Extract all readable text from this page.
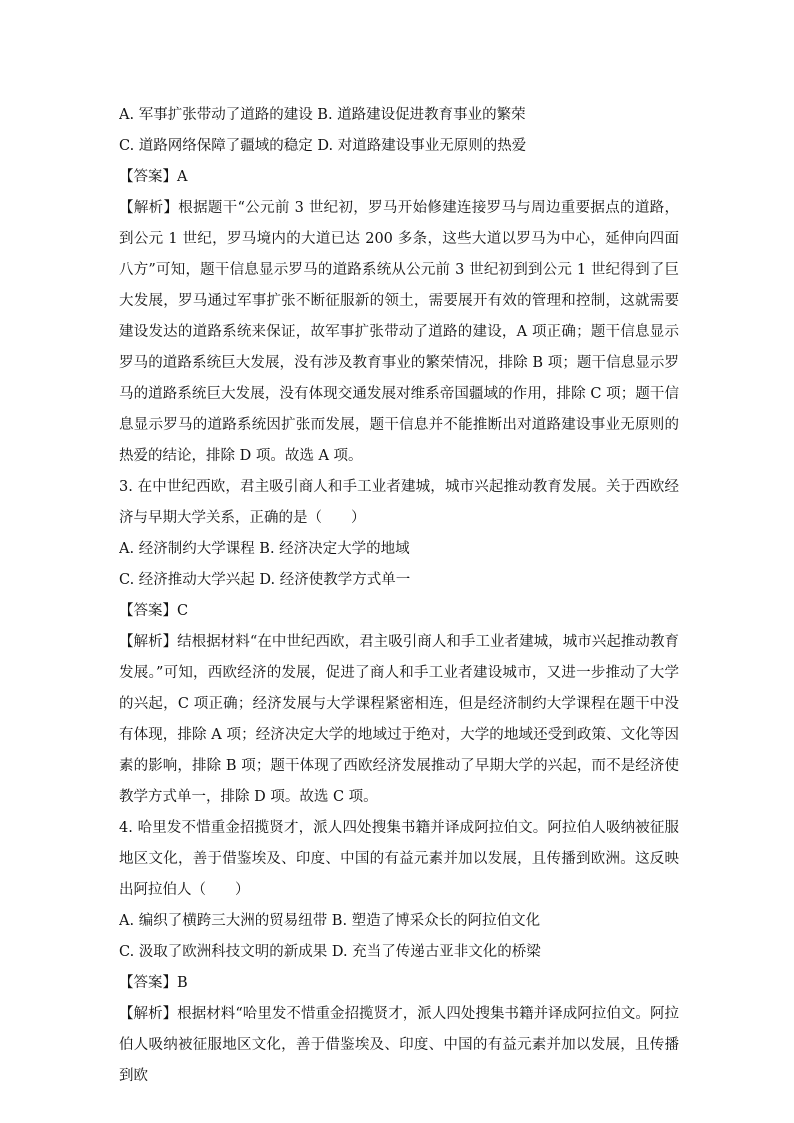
A. 军事扩张带动了道路的建设 B. 道路建设促进教育事业的繁荣
C. 道路网络保障了疆域的稳定 D. 对道路建设事业无原则的热爱
【答案】A

【解析】根据题干“公元前 3 世纪初，罗马开始修建连接罗马与周边重要据点的道路，到公元 1 世纪，罗马境内的大道已达 200 多条，这些大道以罗马为中心，延伸向四面八方”可知，题干信息显示罗马的道路系统从公元前 3 世纪初到到公元 1 世纪得到了巨大发展，罗马通过军事扩张不断征服新的领土，需要展开有效的管理和控制，这就需要建设发达的道路系统来保证，故军事扩张带动了道路的建设，A 项正确；题干信息显示罗马的道路系统巨大发展，没有涉及教育事业的繁荣情况，排除 B 项；题干信息显示罗马的道路系统巨大发展，没有体现交通发展对维系帝国疆域的作用，排除 C 项；题干信息显示罗马的道路系统因扩张而发展，题干信息并不能推断出对道路建设事业无原则的热爱的结论，排除 D 项。故选 A 项。

3. 在中世纪西欧，君主吸引商人和手工业者建城，城市兴起推动教育发展。关于西欧经济与早期大学关系，正确的是（　　）

A. 经济制约大学课程 B. 经济决定大学的地域
C. 经济推动大学兴起 D. 经济使教学方式单一
【答案】C

【解析】结根据材料“在中世纪西欧，君主吸引商人和手工业者建城，城市兴起推动教育发展。”可知，西欧经济的发展，促进了商人和手工业者建设城市，又进一步推动了大学的兴起，C 项正确；经济发展与大学课程紧密相连，但是经济制约大学课程在题干中没有体现，排除 A 项；经济决定大学的地域过于绝对，大学的地域还受到政策、文化等因素的影响，排除 B 项；题干体现了西欧经济发展推动了早期大学的兴起，而不是经济使教学方式单一，排除 D 项。故选 C 项。

4. 哈里发不惜重金招揽贤才，派人四处搜集书籍并译成阿拉伯文。阿拉伯人吸纳被征服地区文化，善于借鉴埃及、印度、中国的有益元素并加以发展，且传播到欧洲。这反映出阿拉伯人（　　）

A. 编织了横跨三大洲的贸易纽带 B. 塑造了博采众长的阿拉伯文化
C. 汲取了欧洲科技文明的新成果 D. 充当了传递古亚非文化的桥梁
【答案】B

【解析】根据材料“哈里发不惜重金招揽贤才，派人四处搜集书籍并译成阿拉伯文。阿拉伯人吸纳被征服地区文化，善于借鉴埃及、印度、中国的有益元素并加以发展，且传播到欧
